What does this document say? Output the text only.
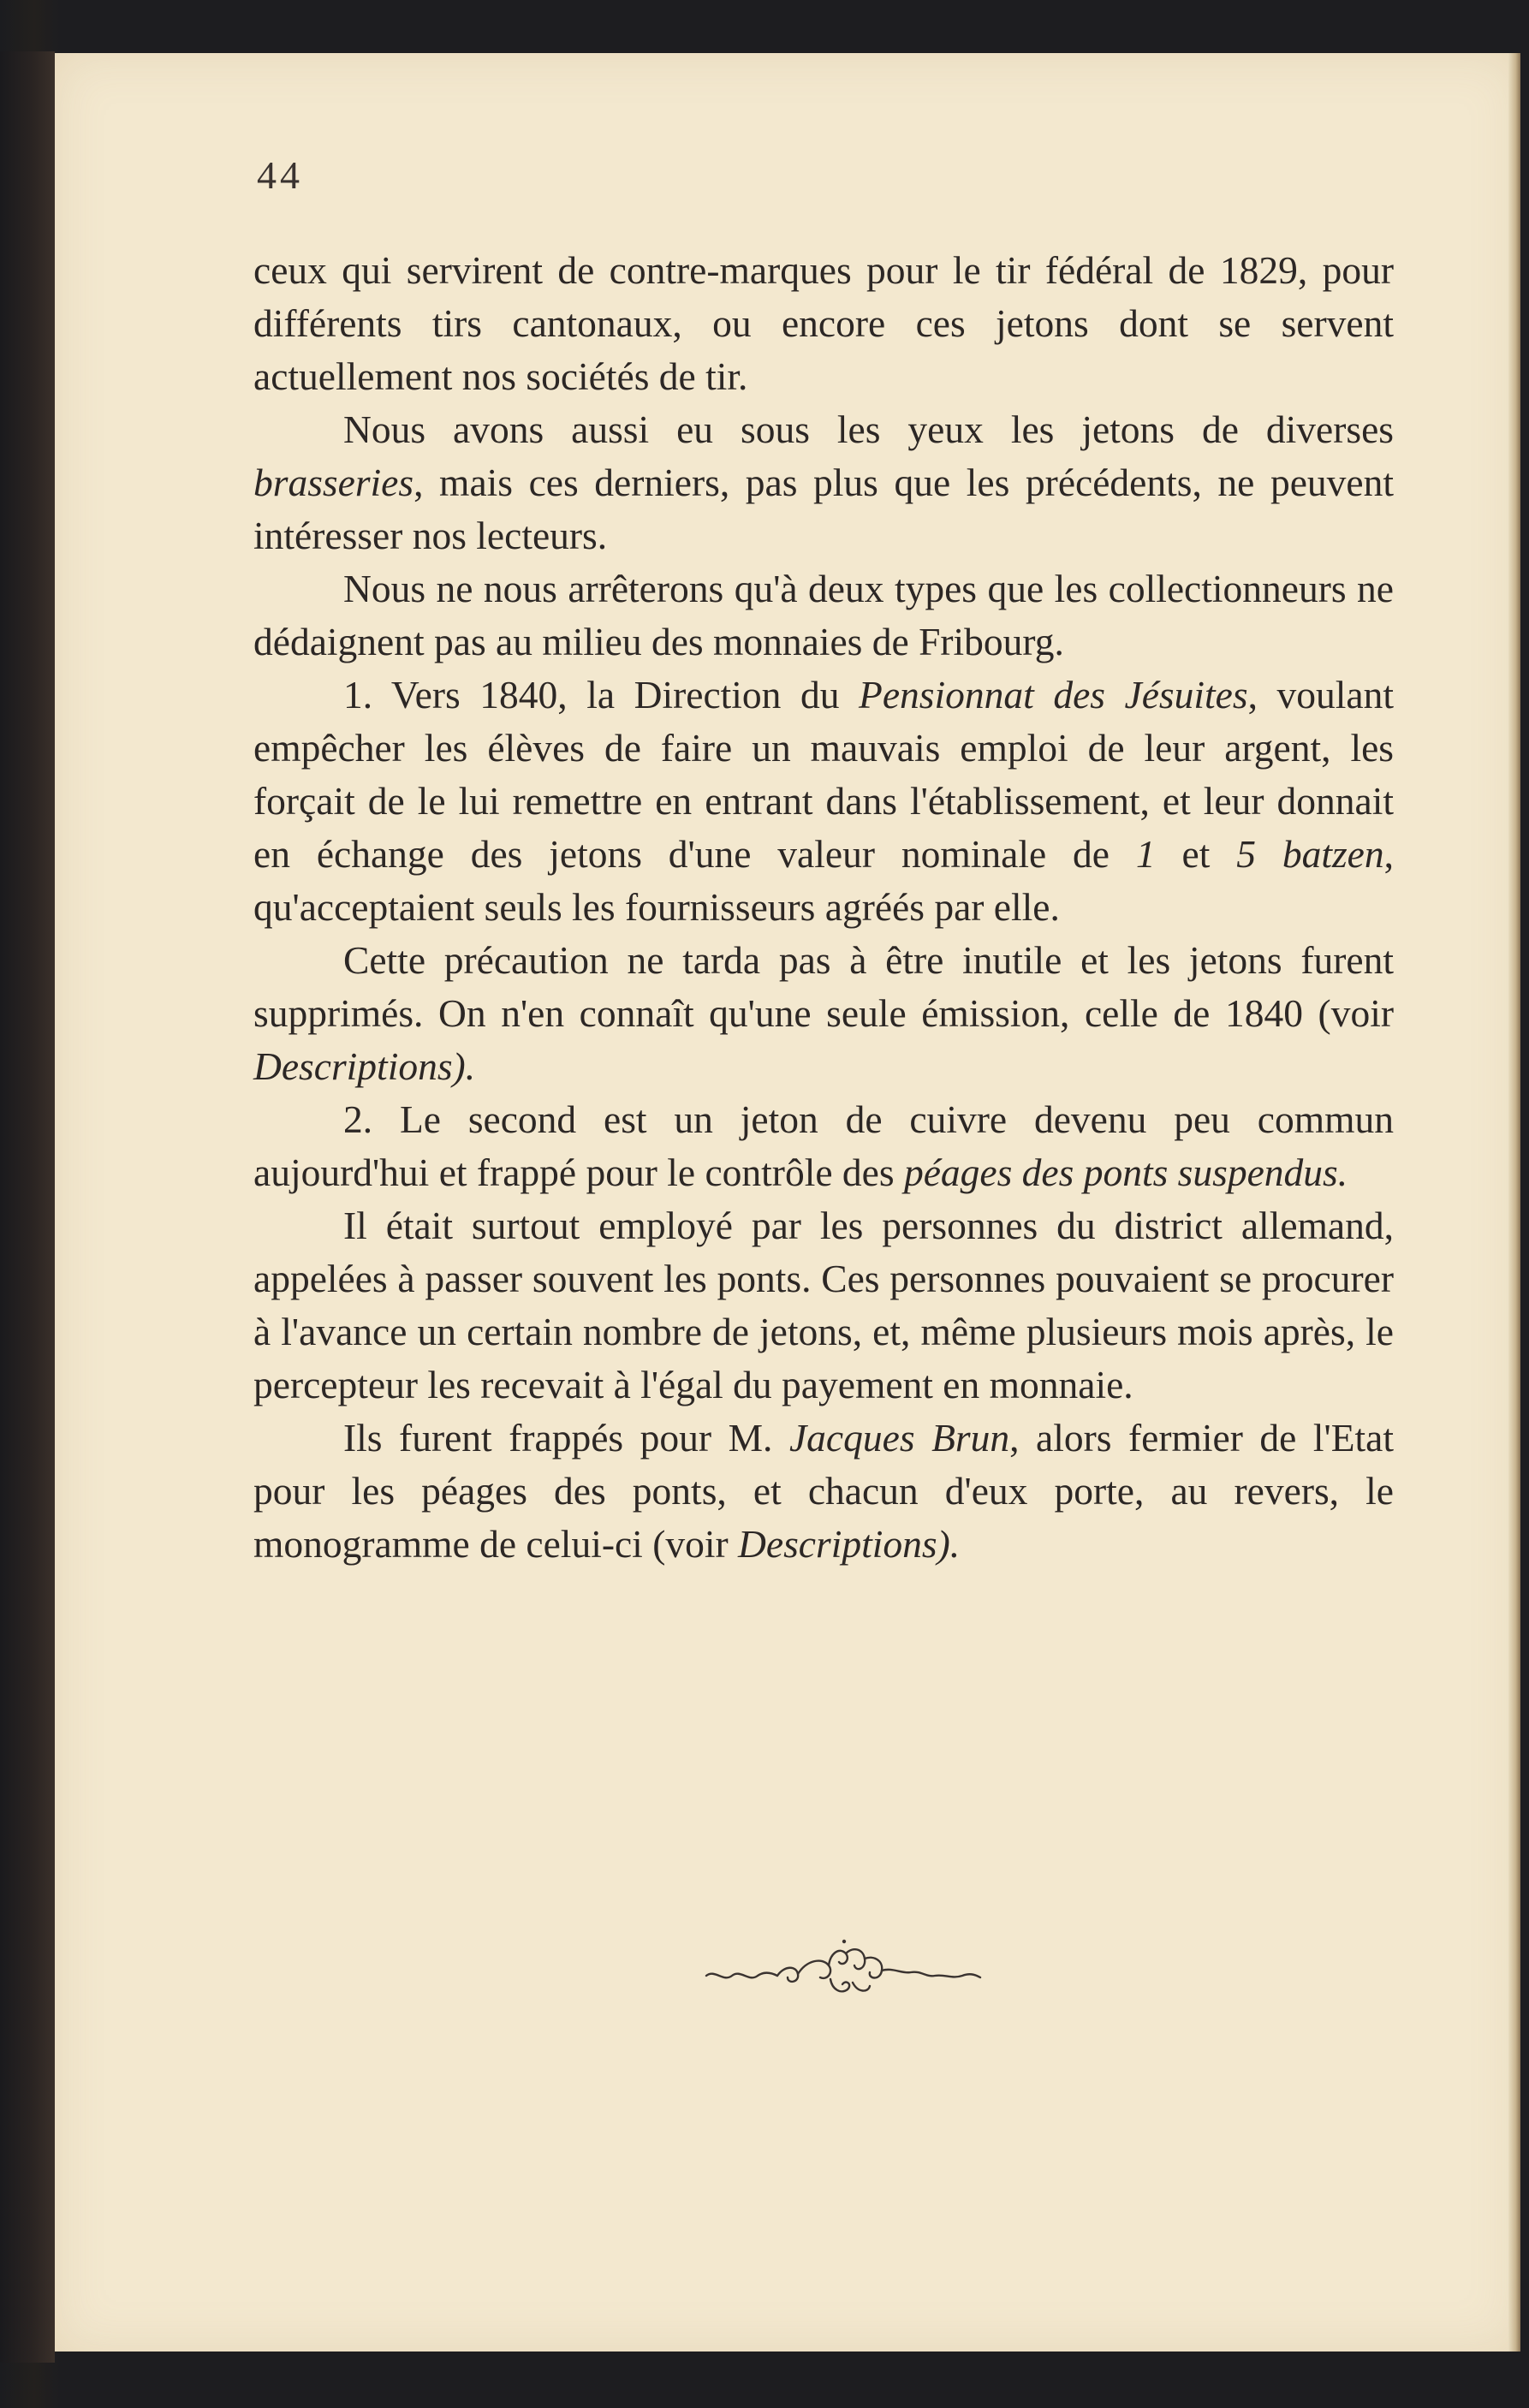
44

ceux qui servirent de contre-marques pour le tir fédéral de 1829, pour différents tirs cantonaux, ou encore ces jetons dont se servent actuellement nos sociétés de tir.

Nous avons aussi eu sous les yeux les jetons de diverses brasseries, mais ces derniers, pas plus que les précédents, ne peuvent intéresser nos lecteurs.

Nous ne nous arrêterons qu'à deux types que les collectionneurs ne dédaignent pas au milieu des monnaies de Fribourg.

1. Vers 1840, la Direction du Pensionnat des Jésuites, voulant empêcher les élèves de faire un mauvais emploi de leur argent, les forçait de le lui remettre en entrant dans l'établissement, et leur donnait en échange des jetons d'une valeur nominale de 1 et 5 batzen, qu'acceptaient seuls les fournisseurs agréés par elle.

Cette précaution ne tarda pas à être inutile et les jetons furent supprimés. On n'en connaît qu'une seule émission, celle de 1840 (voir Descriptions).

2. Le second est un jeton de cuivre devenu peu commun aujourd'hui et frappé pour le contrôle des péages des ponts suspendus.

Il était surtout employé par les personnes du district allemand, appelées à passer souvent les ponts. Ces personnes pouvaient se procurer à l'avance un certain nombre de jetons, et, même plusieurs mois après, le percepteur les recevait à l'égal du payement en monnaie.

Ils furent frappés pour M. Jacques Brun, alors fermier de l'Etat pour les péages des ponts, et chacun d'eux porte, au revers, le monogramme de celui-ci (voir Descriptions).
